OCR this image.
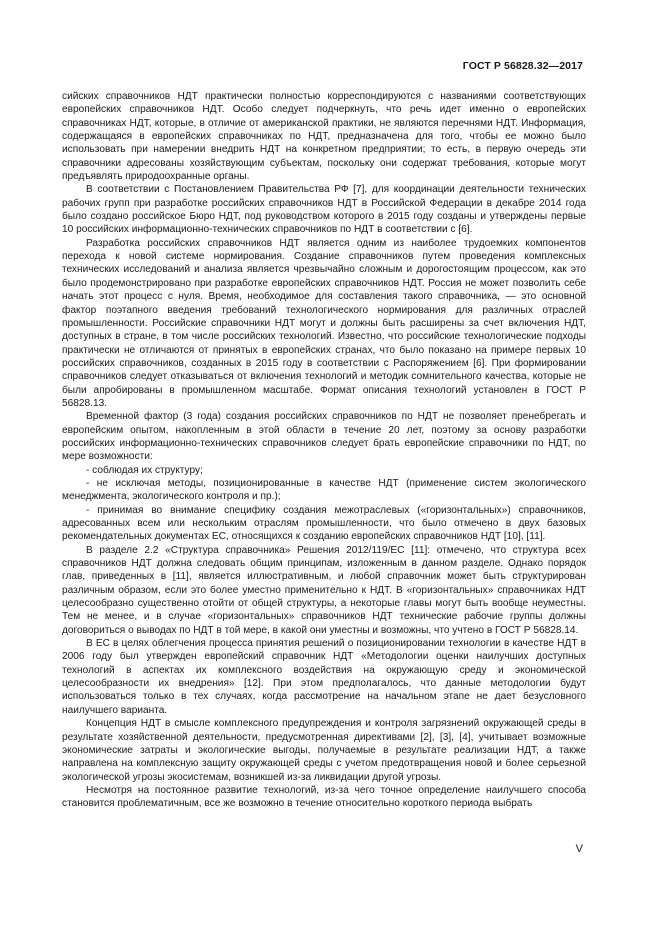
ГОСТ Р 56828.32—2017

сийских справочников НДТ практически полностью корреспондируются с названиями соответствующих европейских справочников НДТ. Особо следует подчеркнуть, что речь идет именно о европейских справочниках НДТ, которые, в отличие от американской практики, не являются перечнями НДТ. Информация, содержащаяся в европейских справочниках по НДТ, предназначена для того, чтобы ее можно было использовать при намерении внедрить НДТ на конкретном предприятии; то есть, в первую очередь эти справочники адресованы хозяйствующим субъектам, поскольку они содержат требования, которые могут предъявлять природоохранные органы.

В соответствии с Постановлением Правительства РФ [7], для координации деятельности технических рабочих групп при разработке российских справочников НДТ в Российской Федерации в декабре 2014 года было создано российское Бюро НДТ, под руководством которого в 2015 году созданы и утверждены первые 10 российских информационно-технических справочников по НДТ в соответствии с [6].

Разработка российских справочников НДТ является одним из наиболее трудоемких компонентов перехода к новой системе нормирования. Создание справочников путем проведения комплексных технических исследований и анализа является чрезвычайно сложным и дорогостоящим процессом, как это было продемонстрировано при разработке европейских справочников НДТ. Россия не может позволить себе начать этот процесс с нуля. Время, необходимое для составления такого справочника, — это основной фактор поэтапного введения требований технологического нормирования для различных отраслей промышленности. Российские справочники НДТ могут и должны быть расширены за счет включения НДТ, доступных в стране, в том числе российских технологий. Известно, что российские технологические подходы практически не отличаются от принятых в европейских странах, что было показано на примере первых 10 российских справочников, созданных в 2015 году в соответствии с Распоряжением [6]. При формировании справочников следует отказываться от включения технологий и методик сомнительного качества, которые не были апробированы в промышленном масштабе. Формат описания технологий установлен в ГОСТ Р 56828.13.

Временной фактор (3 года) создания российских справочников по НДТ не позволяет пренебрегать и европейским опытом, накопленным в этой области в течение 20 лет, поэтому за основу разработки российских информационно-технических справочников следует брать европейские справочники по НДТ, по мере возможности:

- соблюдая их структуру;

- не исключая методы, позиционированные в качестве НДТ (применение систем экологического менеджмента, экологического контроля и пр.);

- принимая во внимание специфику создания межотраслевых («горизонтальных») справочников, адресованных всем или нескольким отраслям промышленности, что было отмечено в двух базовых рекомендательных документах ЕС, относящихся к созданию европейских справочников НДТ [10], [11].

В разделе 2.2 «Структура справочника» Решения 2012/119/ЕС [11]: отмечено, что структура всех справочников НДТ должна следовать общим принципам, изложенным в данном разделе. Однако порядок глав, приведенных в [11], является иллюстративным, и любой справочник может быть структурирован различным образом, если это более уместно применительно к НДТ. В «горизонтальных» справочниках НДТ целесообразно существенно отойти от общей структуры, а некоторые главы могут быть вообще неуместны. Тем не менее, и в случае «горизонтальных» справочников НДТ технические рабочие группы должны договориться о выводах по НДТ в той мере, в какой они уместны и возможны, что учтено в ГОСТ Р 56828.14.

В ЕС в целях облегчения процесса принятия решений о позиционировании технологии в качестве НДТ в 2006 году был утвержден европейский справочник НДТ «Методологии оценки наилучших доступных технологий в аспектах их комплексного воздействия на окружающую среду и экономической целесообразности их внедрения» [12]. При этом предполагалось, что данные методологии будут использоваться только в тех случаях, когда рассмотрение на начальном этапе не дает безусловного наилучшего варианта.

Концепция НДТ в смысле комплексного предупреждения и контроля загрязнений окружающей среды в результате хозяйственной деятельности, предусмотренная директивами [2], [3], [4], учитывает возможные экономические затраты и экологические выгоды, получаемые в результате реализации НДТ, а также направлена на комплексную защиту окружающей среды с учетом предотвращения новой и более серьезной экологической угрозы экосистемам, возникшей из-за ликвидации другой угрозы.

Несмотря на постоянное развитие технологий, из-за чего точное определение наилучшего способа становится проблематичным, все же возможно в течение относительно короткого периода выбрать

V
